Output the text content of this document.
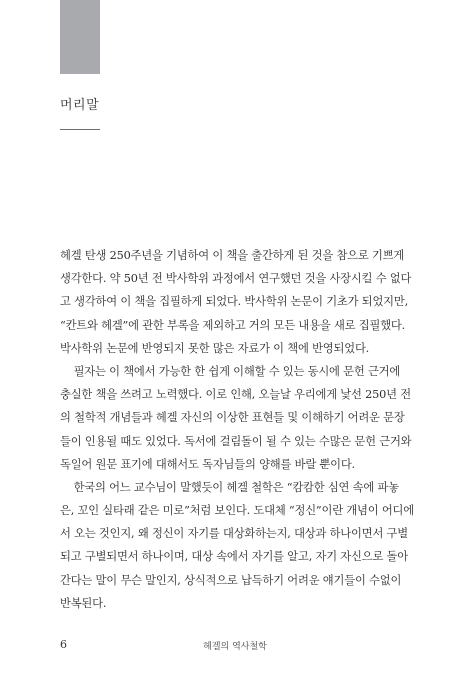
머리말
헤겔 탄생 250주년을 기념하여 이 책을 출간하게 된 것을 참으로 기쁘게
생각한다. 약 50년 전 박사학위 과정에서 연구했던 것을 사장시킬 수 없다
고 생각하여 이 책을 집필하게 되었다. 박사학위 논문이 기초가 되었지만,
“칸트와 헤겔”에 관한 부록을 제외하고 거의 모든 내용을 새로 집필했다.
박사학위 논문에 반영되지 못한 많은 자료가 이 책에 반영되었다.
필자는 이 책에서 가능한 한 쉽게 이해할 수 있는 동시에 문헌 근거에
충실한 책을 쓰려고 노력했다. 이로 인해, 오늘날 우리에게 낯선 250년 전
의 철학적 개념들과 헤겔 자신의 이상한 표현들 및 이해하기 어려운 문장
들이 인용될 때도 있었다. 독서에 걸림돌이 될 수 있는 수많은 문헌 근거와
독일어 원문 표기에 대해서도 독자님들의 양해를 바랄 뿐이다.
한국의 어느 교수님이 말했듯이 헤겔 철학은 “캄캄한 심연 속에 파놓
은, 꼬인 실타래 같은 미로”처럼 보인다. 도대체 “정신”이란 개념이 어디에
서 오는 것인지, 왜 정신이 자기를 대상화하는지, 대상과 하나이면서 구별
되고 구별되면서 하나이며, 대상 속에서 자기를 알고, 자기 자신으로 돌아
간다는 말이 무슨 말인지, 상식적으로 납득하기 어려운 얘기들이 수없이
반복된다.
6	헤겔의 역사철학
